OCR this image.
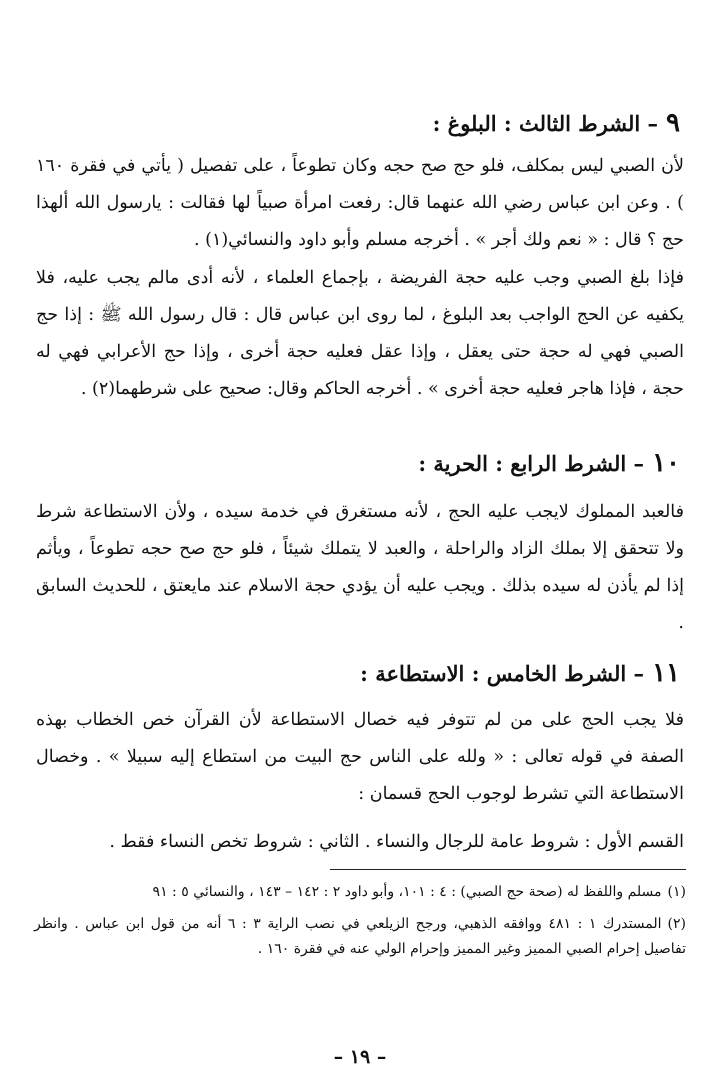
٩– الشرط الثالث : البلوغ :
لأن الصبي ليس بمكلف، فلو حج صح حجه وكان تطوعاً ، على تفصيل ( يأتي في فقرة ١٦٠ ) . وعن ابن عباس رضي الله عنهما قال: رفعت امرأة صبياً لها فقالت : يارسول الله ألهذا حج ؟ قال : « نعم ولك أجر » . أخرجه مسلم وأبو داود والنسائي(١) .
فإذا بلغ الصبي وجب عليه حجة الفريضة ، بإجماع العلماء ، لأنه أدى مالم يجب عليه، فلا يكفيه عن الحج الواجب بعد البلوغ ، لما روى ابن عباس قال : قال رسول الله ﷺ : إذا حج الصبي فهي له حجة حتى يعقل ، وإذا عقل فعليه حجة أخرى ، وإذا حج الأعرابي فهي له حجة ، فإذا هاجر فعليه حجة أخرى » . أخرجه الحاكم وقال: صحيح على شرطهما(٢) .
١٠– الشرط الرابع : الحرية :
فالعبد المملوك لايجب عليه الحج ، لأنه مستغرق في خدمة سيده ، ولأن الاستطاعة شرط ولا تتحقق إلا بملك الزاد والراحلة ، والعبد لا يتملك شيئاً ، فلو حج صح حجه تطوعاً ، ويأثم إذا لم يأذن له سيده بذلك . ويجب عليه أن يؤدي حجة الاسلام عند مايعتق ، للحديث السابق .
١١– الشرط الخامس : الاستطاعة :
فلا يجب الحج على من لم تتوفر فيه خصال الاستطاعة لأن القرآن خص الخطاب بهذه الصفة في قوله تعالى : « ولله على الناس حج البيت من استطاع إليه سبيلا » . وخصال الاستطاعة التي تشرط لوجوب الحج قسمان :
القسم الأول : شروط عامة للرجال والنساء . الثاني : شروط تخص النساء فقط .
(١)مسلم واللفظ له (صحة حج الصبي) : ٤ : ١٠١، وأبو داود ٢ : ١٤٢ – ١٤٣ ، والنسائي ٥ : ٩١
(٢)المستدرك ١ : ٤٨١ ووافقه الذهبي، ورجح الزيلعي في نصب الراية ٣ : ٦ أنه من قول ابن عباس . وانظر تفاصيل إحرام الصبي المميز وغير المميز وإحرام الولي عنه في فقرة ١٦٠ .
– ١٩ –
